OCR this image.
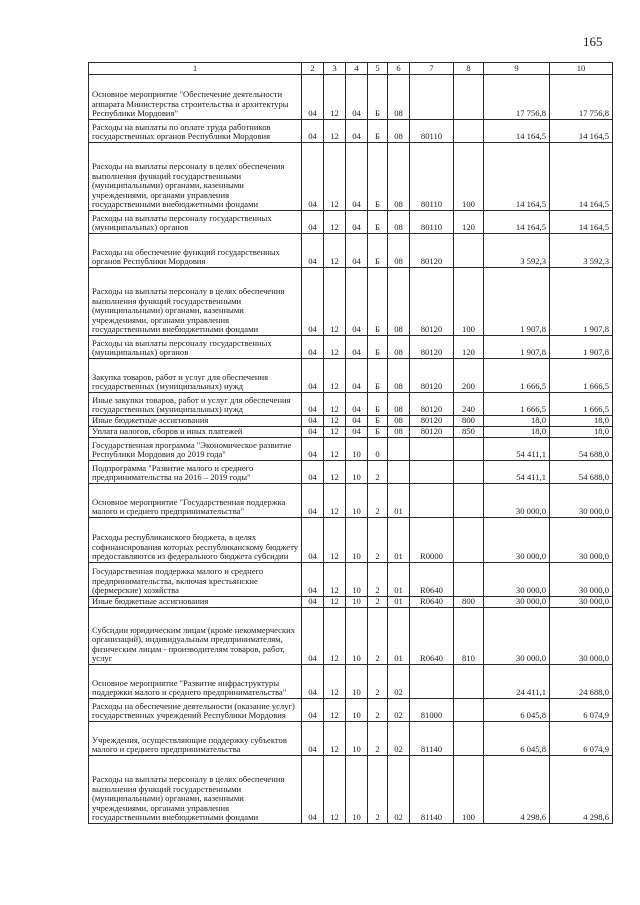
165
1	2	3	4	5	6	7	8	9	10
Основное мероприятие "Обеспечение деятельности аппарата Министерства строительства и архитектуры Республики Мордовия"	04	12	04	Б	08			17 756,8	17 756,8
Расходы на выплаты по оплате труда работников государственных органов Республики Мордовия	04	12	04	Б	08	80110		14 164,5	14 164,5
Расходы на выплаты персоналу в целях обеспечения выполнения функций государственными (муниципальными) органами, казенными учреждениями, органами управления государственными внебюджетными фондами	04	12	04	Б	08	80110	100	14 164,5	14 164,5
Расходы на выплаты персоналу государственных (муниципальных) органов	04	12	04	Б	08	80110	120	14 164,5	14 164,5
Расходы на обеспечение функций государственных органов Республики Мордовия	04	12	04	Б	08	80120		3 592,3	3 592,3
Расходы на выплаты персоналу в целях обеспечения выполнения функций государственными (муниципальными) органами, казенными учреждениями, органами управления государственными внебюджетными фондами	04	12	04	Б	08	80120	100	1 907,8	1 907,8
Расходы на выплаты персоналу государственных (муниципальных) органов	04	12	04	Б	08	80120	120	1 907,8	1 907,8
Закупка товаров, работ и услуг для обеспечения государственных (муниципальных) нужд	04	12	04	Б	08	80120	200	1 666,5	1 666,5
Иные закупки товаров, работ и услуг для обеспечения государственных (муниципальных) нужд	04	12	04	Б	08	80120	240	1 666,5	1 666,5
Иные бюджетные ассигнования	04	12	04	Б	08	80120	800	18,0	18,0
Уплата налогов, сборов и иных платежей	04	12	04	Б	08	80120	850	18,0	18,0
Государственная программа "Экономическое развитие Республики Мордовия до 2019 года"	04	12	10	0				54 411,1	54 688,0
Подпрограмма "Развитие малого и среднего предпринимательства на 2016 – 2019 годы"	04	12	10	2				54 411,1	54 688,0
Основное мероприятие "Государственная поддержка малого и среднего предпринимательства"	04	12	10	2	01			30 000,0	30 000,0
Расходы республиканского бюджета, в целях софинансирования которых республиканскому бюджету предоставляются из федерального бюджета субсидии	04	12	10	2	01	R0000		30 000,0	30 000,0
Государственная поддержка малого и среднего предпринимательства, включая крестьянские (фермерские) хозяйства	04	12	10	2	01	R0640		30 000,0	30 000,0
Иные бюджетные ассигнования	04	12	10	2	01	R0640	800	30 000,0	30 000,0
Субсидии юридическим лицам (кроме некоммерческих организаций), индивидуальным предпринимателям, физическим лицам - производителям товаров, работ, услуг	04	12	10	2	01	R0640	810	30 000,0	30 000,0
Основное мероприятие "Развитие инфраструктуры поддержки малого и среднего предпринимательства"	04	12	10	2	02			24 411,1	24 688,0
Расходы на обеспечение деятельности (оказание услуг) государственных учреждений Республики Мордовия	04	12	10	2	02	81000		6 045,8	6 074,9
Учреждения, осуществляющие поддержку субъектов малого и среднего предпринимательства	04	12	10	2	02	81140		6 045,8	6 074,9
Расходы на выплаты персоналу в целях обеспечения выполнения функций государственными (муниципальными) органами, казенными учреждениями, органами управления государственными внебюджетными фондами	04	12	10	2	02	81140	100	4 298,6	4 298,6
